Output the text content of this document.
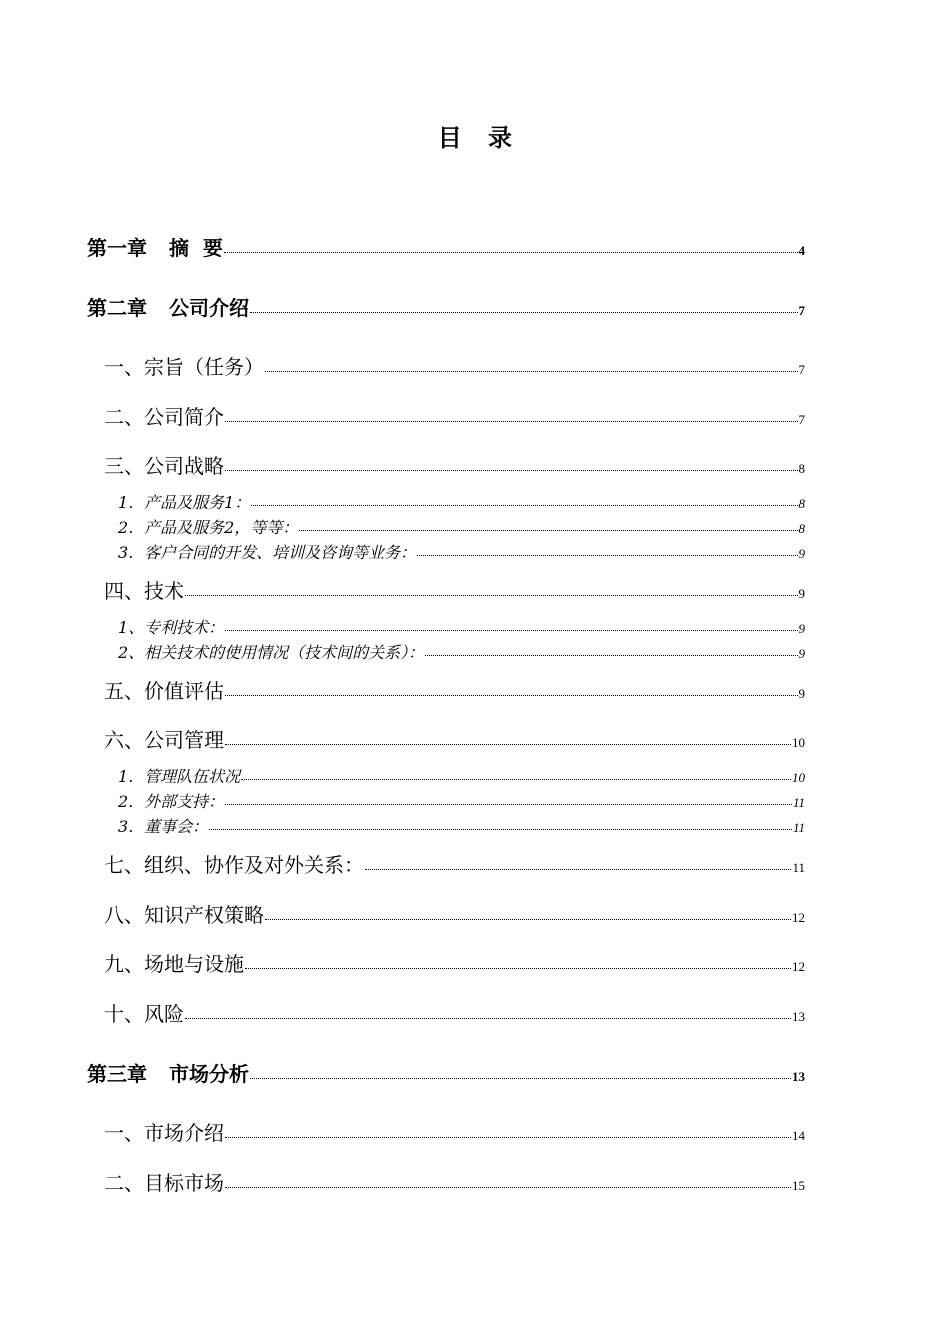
目 录
第一章 摘  要	4
第二章 公司介绍	7
一、宗旨（任务）	7
二、公司简介	7
三、公司战略	8
1．产品及服务1：	8
2．产品及服务2，等等：	8
3．客户合同的开发、培训及咨询等业务：	9
四、技术	9
1、专利技术：	9
2、相关技术的使用情况（技术间的关系）：	9
五、价值评估	9
六、公司管理	10
1．管理队伍状况	10
2．外部支持：	11
3．董事会：	11
七、组织、协作及对外关系：	11
八、知识产权策略	12
九、场地与设施	12
十、风险	13
第三章 市场分析	13
一、市场介绍	14
二、目标市场	15
